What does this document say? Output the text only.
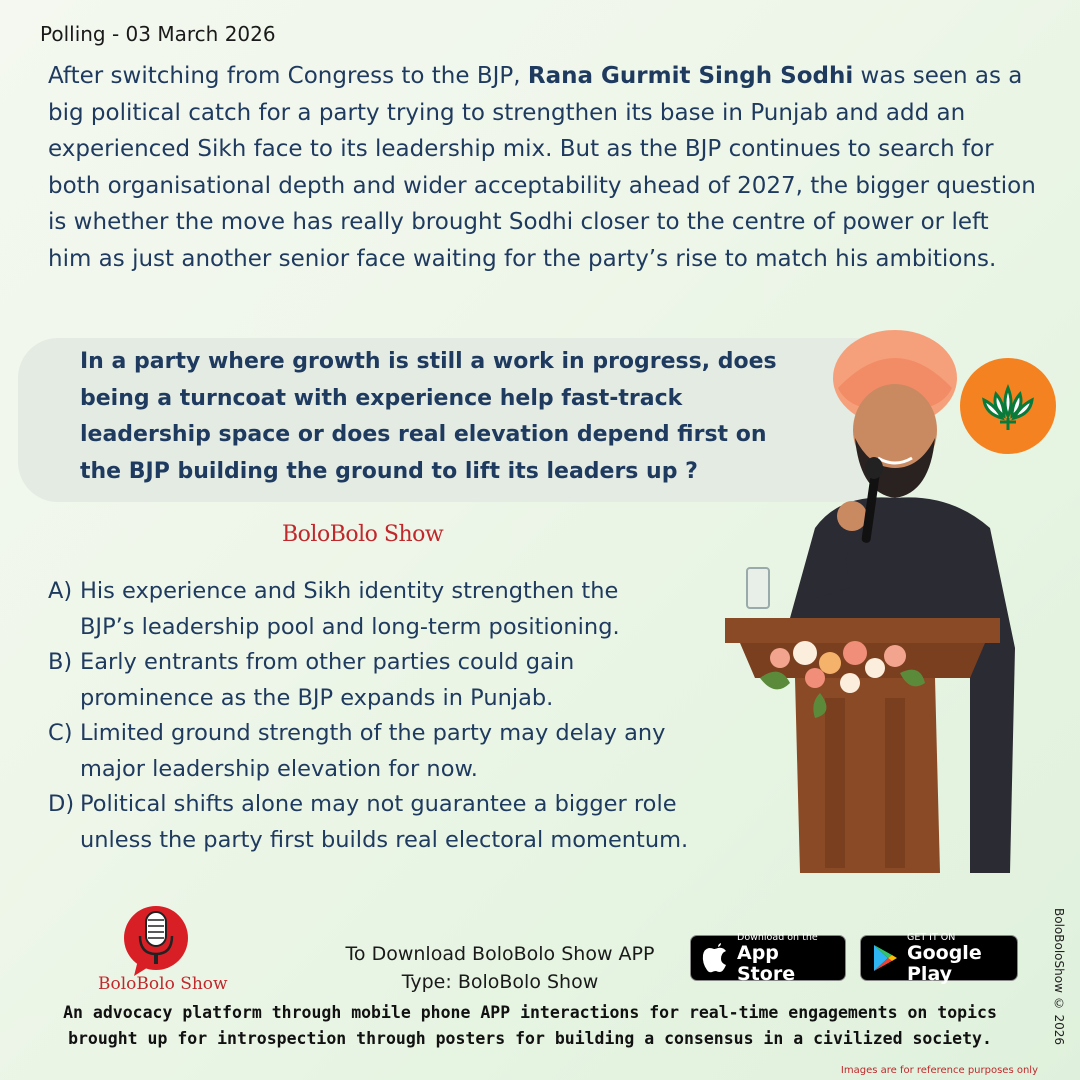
Polling - 03 March 2026
After switching from Congress to the BJP, Rana Gurmit Singh Sodhi was seen as a big political catch for a party trying to strengthen its base in Punjab and add an experienced Sikh face to its leadership mix. But as the BJP continues to search for both organisational depth and wider acceptability ahead of 2027, the bigger question is whether the move has really brought Sodhi closer to the centre of power or left him as just another senior face waiting for the party’s rise to match his ambitions.
In a party where growth is still a work in progress, does being a turncoat with experience help fast-track leadership space or does real elevation depend first on the BJP building the ground to lift its leaders up ?
BoloBolo Show
A) His experience and Sikh identity strengthen the
BJP’s leadership pool and long-term positioning.
B) Early entrants from other parties could gain
prominence as the BJP expands in Punjab.
C) Limited ground strength of the party may delay any
major leadership elevation for now.
D) Political shifts alone may not guarantee a bigger role
unless the party first builds real electoral momentum.
BoloBolo Show
To Download BoloBolo Show APP
Type: BoloBolo Show
Download on the
App Store
GET IT ON
Google Play
An advocacy platform through mobile phone APP interactions for real-time engagements on topics
brought up for introspection through posters for building a consensus in a civilized society.	BoloBoloShow © 2026
Images are for reference purposes only
